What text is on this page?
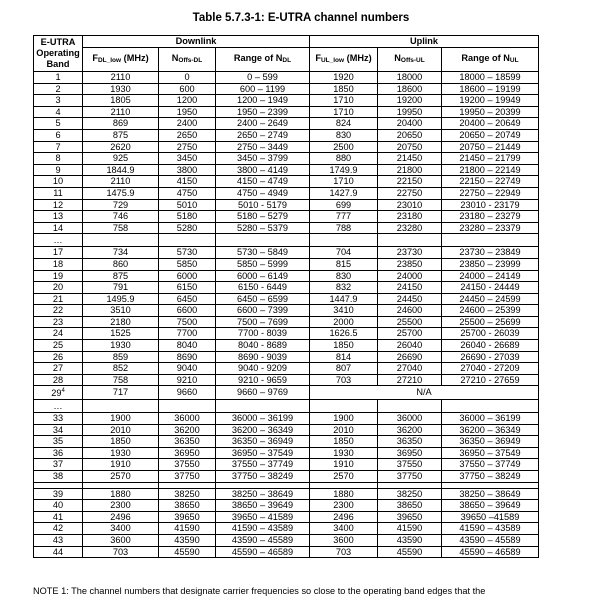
Table 5.7.3-1: E-UTRA channel numbers
E-UTRA Operating Band	Downlink			Uplink		
	$F_{DL\_low}$ (MHz)	$N_{Offs-DL}$	Range of $N_{DL}$	$F_{UL\_low}$ (MHz)	$N_{Offs-UL}$	Range of $N_{UL}$
1	2110	0	0 – 599	1920	18000	18000 – 18599
2	1930	600	600 – 1199	1850	18600	18600 – 19199
3	1805	1200	1200 – 1949	1710	19200	19200 – 19949
4	2110	1950	1950 – 2399	1710	19950	19950 – 20399
5	869	2400	2400 – 2649	824	20400	20400 – 20649
6	875	2650	2650 – 2749	830	20650	20650 – 20749
7	2620	2750	2750 – 3449	2500	20750	20750 – 21449
8	925	3450	3450 – 3799	880	21450	21450 – 21799
9	1844.9	3800	3800 – 4149	1749.9	21800	21800 – 22149
10	2110	4150	4150 – 4749	1710	22150	22150 – 22749
11	1475.9	4750	4750 – 4949	1427.9	22750	22750 – 22949
12	729	5010	5010 - 5179	699	23010	23010 - 23179
13	746	5180	5180 – 5279	777	23180	23180 – 23279
14	758	5280	5280 – 5379	788	23280	23280 – 23379
…						
17	734	5730	5730 – 5849	704	23730	23730 – 23849
18	860	5850	5850 – 5999	815	23850	23850 – 23999
19	875	6000	6000 – 6149	830	24000	24000 – 24149
20	791	6150	6150 - 6449	832	24150	24150 - 24449
21	1495.9	6450	6450 – 6599	1447.9	24450	24450 – 24599
22	3510	6600	6600 – 7399	3410	24600	24600 – 25399
23	2180	7500	7500 – 7699	2000	25500	25500 – 25699
24	1525	7700	7700 - 8039	1626.5	25700	25700 - 26039
25	1930	8040	8040 - 8689	1850	26040	26040 - 26689
26	859	8690	8690 - 9039	814	26690	26690 - 27039
27	852	9040	9040 - 9209	807	27040	27040 - 27209
28	758	9210	9210 - 9659	703	27210	27210 - 27659
$29^4$	717	9660	9660 – 9769	N/A		
…						
33	1900	36000	36000 – 36199	1900	36000	36000 – 36199
34	2010	36200	36200 – 36349	2010	36200	36200 – 36349
35	1850	36350	36350 – 36949	1850	36350	36350 – 36949
36	1930	36950	36950 – 37549	1930	36950	36950 – 37549
37	1910	37550	37550 – 37749	1910	37550	37550 – 37749
38	2570	37750	37750 – 38249	2570	37750	37750 – 38249

39	1880	38250	38250 – 38649	1880	38250	38250 – 38649
40	2300	38650	38650 – 39649	2300	38650	38650 – 39649
41	2496	39650	39650 – 41589	2496	39650	39650 –41589
42	3400	41590	41590 – 43589	3400	41590	41590 – 43589
43	3600	43590	43590 – 45589	3600	43590	43590 – 45589
44	703	45590	45590 – 46589	703	45590	45590 – 46589
NOTE 1: The channel numbers that designate carrier frequencies so close to the operating band edges that the
